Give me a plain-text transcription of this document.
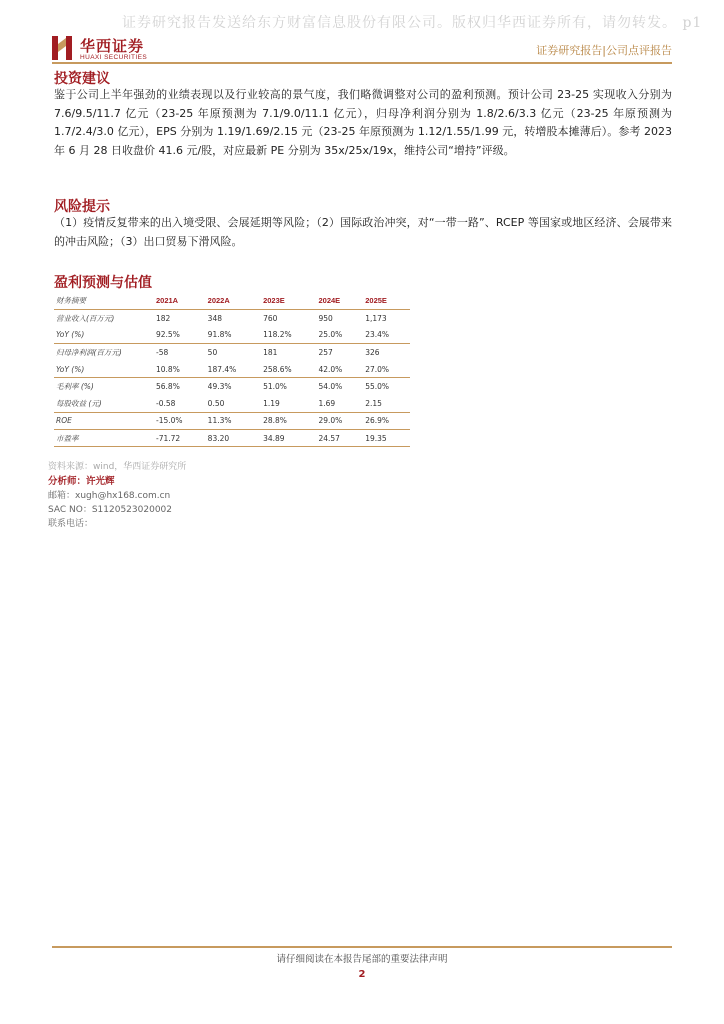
证券研究报告发送给东方财富信息股份有限公司。版权归华西证券所有，请勿转发。 p1
华西证券
HUAXI SECURITIES
证券研究报告|公司点评报告
投资建议
鉴于公司上半年强劲的业绩表现以及行业较高的景气度，我们略微调整对公司的盈利预测。预计公司 23-25 实现收入分别为 7.6/9.5/11.7 亿元（23-25 年原预测为 7.1/9.0/11.1 亿元），归母净利润分别为 1.8/2.6/3.3 亿元（23-25 年原预测为 1.7/2.4/3.0 亿元），EPS 分别为 1.19/1.69/2.15 元（23-25 年原预测为 1.12/1.55/1.99 元，转增股本摊薄后）。参考 2023 年 6 月 28 日收盘价 41.6 元/股，对应最新 PE 分别为 35x/25x/19x，维持公司“增持”评级。
风险提示
（1）疫情反复带来的出入境受限、会展延期等风险；（2）国际政治冲突，对“一带一路”、RCEP 等国家或地区经济、会展带来的冲击风险；（3）出口贸易下滑风险。
盈利预测与估值
财务摘要	2021A	2022A	2023E	2024E	2025E
营业收入(百万元)	182	348	760	950	1,173
YoY (%)	92.5%	91.8%	118.2%	25.0%	23.4%
归母净利润(百万元)	-58	50	181	257	326
YoY (%)	10.8%	187.4%	258.6%	42.0%	27.0%
毛利率 (%)	56.8%	49.3%	51.0%	54.0%	55.0%
每股收益 (元)	-0.58	0.50	1.19	1.69	2.15
ROE	-15.0%	11.3%	28.8%	29.0%	26.9%
市盈率	-71.72	83.20	34.89	24.57	19.35
资料来源：wind，华西证券研究所
分析师：许光辉
邮箱：xugh@hx168.com.cn
SAC NO：S1120523020002
联系电话：
请仔细阅读在本报告尾部的重要法律声明
2
